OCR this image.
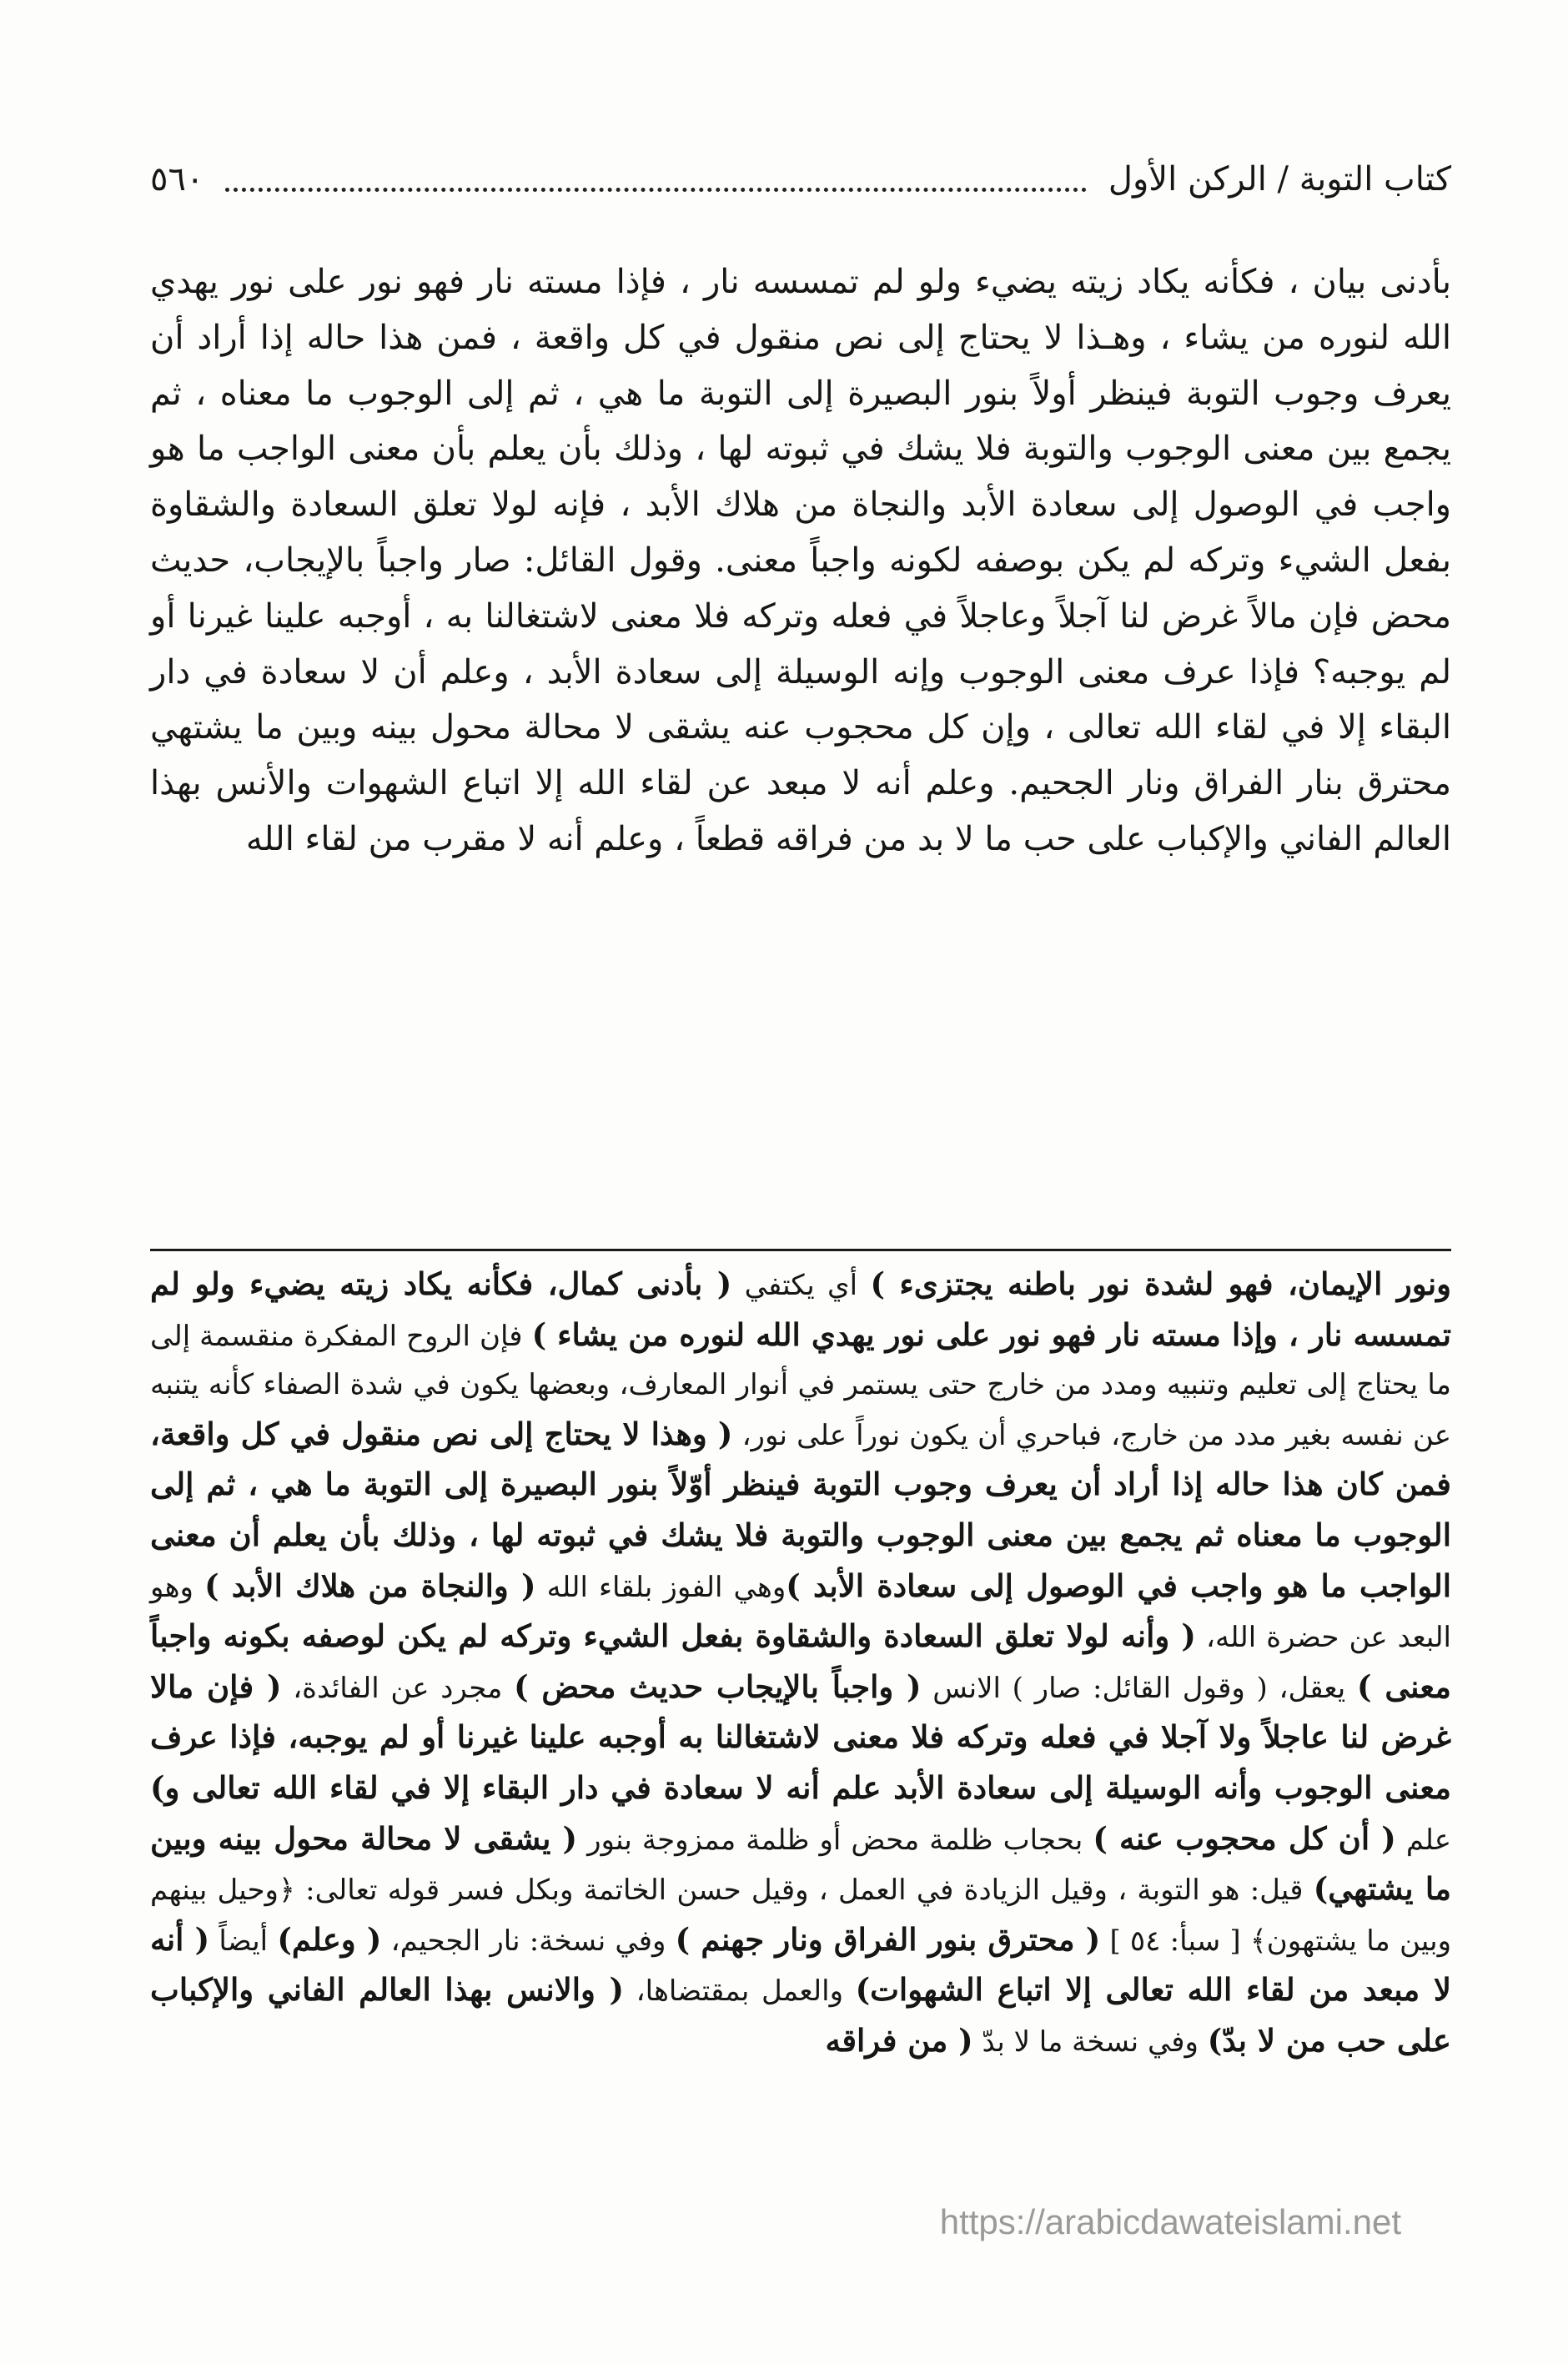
٥٦٠	كتاب التوبة / الركن الأول

بأدنى بيان ، فكأنه يكاد زيته يضيء ولو لم تمسسه نار ، فإذا مسته نار فهو نور على نور يهدي الله لنوره من يشاء ، وهـذا لا يحتاج إلى نص منقول في كل واقعة ، فمن هذا حاله إذا أراد أن يعرف وجوب التوبة فينظر أولاً بنور البصيرة إلى التوبة ما هي ، ثم إلى الوجوب ما معناه ، ثم يجمع بين معنى الوجوب والتوبة فلا يشك في ثبوته لها ، وذلك بأن يعلم بأن معنى الواجب ما هو واجب في الوصول إلى سعادة الأبد والنجاة من هلاك الأبد ، فإنه لولا تعلق السعادة والشقاوة بفعل الشيء وتركه لم يكن بوصفه لكونه واجباً معنى. وقول القائل: صار واجباً بالإيجاب، حديث محض فإن مالاً غرض لنا آجلاً وعاجلاً في فعله وتركه فلا معنى لاشتغالنا به ، أوجبه علينا غيرنا أو لم يوجبه؟ فإذا عرف معنى الوجوب وإنه الوسيلة إلى سعادة الأبد ، وعلم أن لا سعادة في دار البقاء إلا في لقاء الله تعالى ، وإن كل محجوب عنه يشقى لا محالة محول بينه وبين ما يشتهي محترق بنار الفراق ونار الجحيم. وعلم أنه لا مبعد عن لقاء الله إلا اتباع الشهوات والأنس بهذا العالم الفاني والإكباب على حب ما لا بد من فراقه قطعاً ، وعلم أنه لا مقرب من لقاء الله

ونور الإيمان، فهو لشدة نور باطنه يجتزىء ) أي يكتفي ( بأدنى كمال، فكأنه يكاد زيته يضيء ولو لم تمسسه نار ، وإذا مسته نار فهو نور على نور يهدي الله لنوره من يشاء ) فإن الروح المفكرة منقسمة إلى ما يحتاج إلى تعليم وتنبيه ومدد من خارج حتى يستمر في أنوار المعارف، وبعضها يكون في شدة الصفاء كأنه يتنبه عن نفسه بغير مدد من خارج، فباحري أن يكون نوراً على نور، ( وهذا لا يحتاج إلى نص منقول في كل واقعة، فمن كان هذا حاله إذا أراد أن يعرف وجوب التوبة فينظر أوّلاً بنور البصيرة إلى التوبة ما هي ، ثم إلى الوجوب ما معناه ثم يجمع بين معنى الوجوب والتوبة فلا يشك في ثبوته لها ، وذلك بأن يعلم أن معنى الواجب ما هو واجب في الوصول إلى سعادة الأبد )وهي الفوز بلقاء الله ( والنجاة من هلاك الأبد ) وهو البعد عن حضرة الله، ( وأنه لولا تعلق السعادة والشقاوة بفعل الشيء وتركه لم يكن لوصفه بكونه واجباً معنى ) يعقل، ( وقول القائل: صار ) الانس ( واجباً بالإيجاب حديث محض ) مجرد عن الفائدة، ( فإن مالا غرض لنا عاجلاً ولا آجلا في فعله وتركه فلا معنى لاشتغالنا به أوجبه علينا غيرنا أو لم يوجبه، فإذا عرف معنى الوجوب وأنه الوسيلة إلى سعادة الأبد علم أنه لا سعادة في دار البقاء إلا في لقاء الله تعالى و) علم ( أن كل محجوب عنه ) بحجاب ظلمة محض أو ظلمة ممزوجة بنور ( يشقى لا محالة محول بينه وبين ما يشتهي) قيل: هو التوبة ، وقيل الزيادة في العمل ، وقيل حسن الخاتمة وبكل فسر قوله تعالى: ﴿وحيل بينهم وبين ما يشتهون﴾ [ سبأ: ٥٤ ] ( محترق بنور الفراق ونار جهنم ) وفي نسخة: نار الجحيم، ( وعلم) أيضاً ( أنه لا مبعد من لقاء الله تعالى إلا اتباع الشهوات) والعمل بمقتضاها، ( والانس بهذا العالم الفاني والإكباب على حب من لا بدّ) وفي نسخة ما لا بدّ ( من فراقه

https://arabicdawateislami.net
